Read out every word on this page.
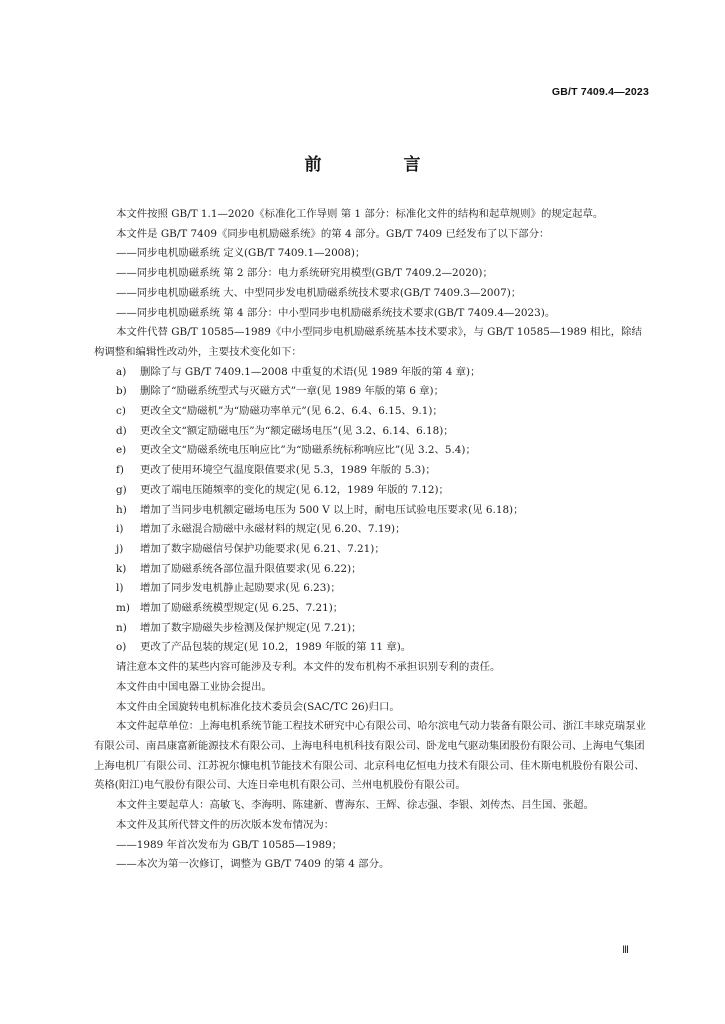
GB/T 7409.4—2023
前 言

本文件按照 GB/T 1.1—2020《标准化工作导则 第 1 部分：标准化文件的结构和起草规则》的规定起草。

本文件是 GB/T 7409《同步电机励磁系统》的第 4 部分。GB/T 7409 已经发布了以下部分：

——同步电机励磁系统 定义(GB/T 7409.1—2008)；
——同步电机励磁系统 第 2 部分：电力系统研究用模型(GB/T 7409.2—2020)；
——同步电机励磁系统 大、中型同步发电机励磁系统技术要求(GB/T 7409.3—2007)；
——同步电机励磁系统 第 4 部分：中小型同步电机励磁系统技术要求(GB/T 7409.4—2023)。

本文件代替 GB/T 10585—1989《中小型同步电机励磁系统基本技术要求》，与 GB/T 10585—1989 相比，除结构调整和编辑性改动外，主要技术变化如下：

a) 删除了与 GB/T 7409.1—2008 中重复的术语(见 1989 年版的第 4 章)；
b) 删除了“励磁系统型式与灭磁方式”一章(见 1989 年版的第 6 章)；
c) 更改全文“励磁机”为“励磁功率单元”(见 6.2、6.4、6.15、9.1)；
d) 更改全文“额定励磁电压”为“额定磁场电压”(见 3.2、6.14、6.18)；
e) 更改全文“励磁系统电压响应比”为“励磁系统标称响应比”(见 3.2、5.4)；
f) 更改了使用环境空气温度限值要求(见 5.3，1989 年版的 5.3)；
g) 更改了端电压随频率的变化的规定(见 6.12，1989 年版的 7.12)；
h) 增加了当同步电机额定磁场电压为 500 V 以上时，耐电压试验电压要求(见 6.18)；
i) 增加了永磁混合励磁中永磁材料的规定(见 6.20、7.19)；
j) 增加了数字励磁信号保护功能要求(见 6.21、7.21)；
k) 增加了励磁系统各部位温升限值要求(见 6.22)；
l) 增加了同步发电机静止起励要求(见 6.23)；
m) 增加了励磁系统模型规定(见 6.25、7.21)；
n) 增加了数字励磁失步检测及保护规定(见 7.21)；
o) 更改了产品包装的规定(见 10.2，1989 年版的第 11 章)。

请注意本文件的某些内容可能涉及专利。本文件的发布机构不承担识别专利的责任。

本文件由中国电器工业协会提出。

本文件由全国旋转电机标准化技术委员会(SAC/TC 26)归口。

本文件起草单位：上海电机系统节能工程技术研究中心有限公司、哈尔滨电气动力装备有限公司、浙江丰球克瑞泵业有限公司、南昌康富新能源技术有限公司、上海电科电机科技有限公司、卧龙电气驱动集团股份有限公司、上海电气集团上海电机厂有限公司、江苏祝尔慷电机节能技术有限公司、北京科电亿恒电力技术有限公司、佳木斯电机股份有限公司、英格(阳江)电气股份有限公司、大连日牵电机有限公司、兰州电机股份有限公司。

本文件主要起草人：高敏飞、李海明、陈建新、曹海东、王辉、徐志强、李银、刘传杰、吕生国、张超。

本文件及其所代替文件的历次版本发布情况为：

——1989 年首次发布为 GB/T 10585—1989；
——本次为第一次修订，调整为 GB/T 7409 的第 4 部分。
Ⅲ
